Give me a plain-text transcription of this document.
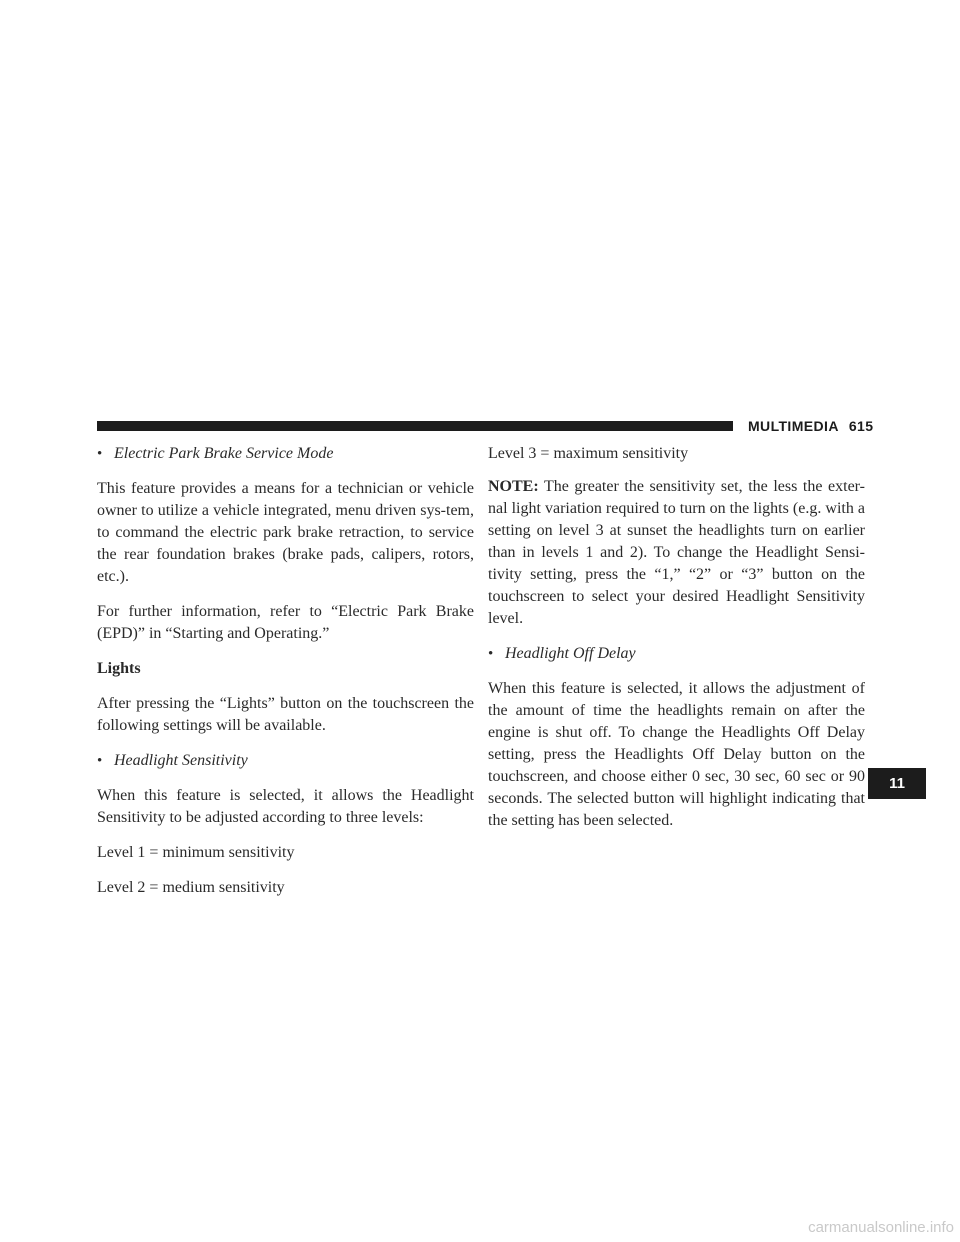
MULTIMEDIA 615
• Electric Park Brake Service Mode

This feature provides a means for a technician or vehicle owner to utilize a vehicle integrated, menu driven sys-tem, to command the electric park brake retraction, to service the rear foundation brakes (brake pads, calipers, rotors, etc.).

For further information, refer to “Electric Park Brake (EPD)” in “Starting and Operating.”

Lights

After pressing the “Lights” button on the touchscreen the following settings will be available.

• Headlight Sensitivity

When this feature is selected, it allows the Headlight Sensitivity to be adjusted according to three levels:

Level 1 = minimum sensitivity

Level 2 = medium sensitivity

Level 3 = maximum sensitivity

NOTE: The greater the sensitivity set, the less the exter-nal light variation required to turn on the lights (e.g. with a setting on level 3 at sunset the headlights turn on earlier than in levels 1 and 2). To change the Headlight Sensi-tivity setting, press the “1,” “2” or “3” button on the touchscreen to select your desired Headlight Sensitivity level.

• Headlight Off Delay

When this feature is selected, it allows the adjustment of the amount of time the headlights remain on after the engine is shut off. To change the Headlights Off Delay setting, press the Headlights Off Delay button on the touchscreen, and choose either 0 sec, 30 sec, 60 sec or 90 seconds. The selected button will highlight indicating that the setting has been selected.

11
carmanualsonline.info
